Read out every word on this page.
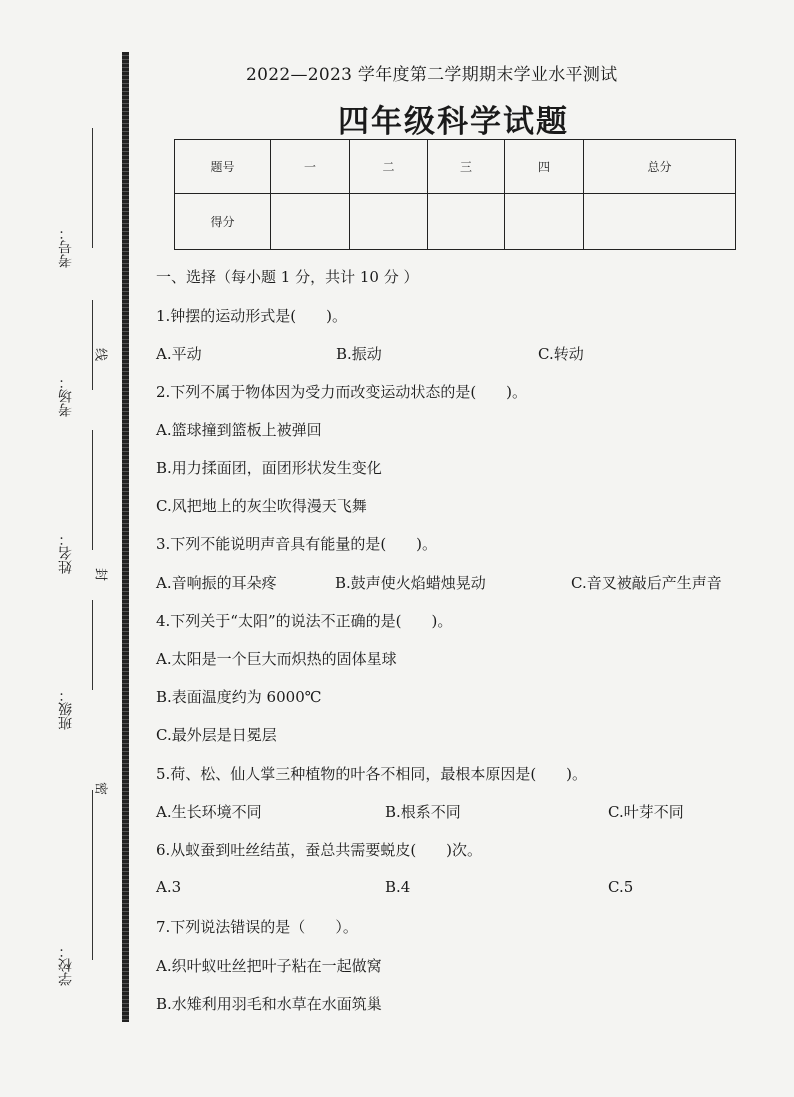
考号：
考场：
线
姓名： 封
班级：
密
学校：
2022—2023 学年度第二学期期末学业水平测试
四年级科学试题
题号	一	二	三	四	总分
得分					
一、选择（每小题 1 分，共计 10 分 ）
1.钟摆的运动形式是(　　)。
A.平动	B.振动	C.转动
2.下列不属于物体因为受力而改变运动状态的是(　　)。
A.篮球撞到篮板上被弹回
B.用力揉面团，面团形状发生变化
C.风把地上的灰尘吹得漫天飞舞
3.下列不能说明声音具有能量的是(　　)。
A.音响振的耳朵疼	B.鼓声使火焰蜡烛晃动	C.音叉被敲后产生声音
4.下列关于“太阳”的说法不正确的是(　　)。
A.太阳是一个巨大而炽热的固体星球
B.表面温度约为 6000℃
C.最外层是日冕层
5.荷、松、仙人掌三种植物的叶各不相同，最根本原因是(　　)。
A.生长环境不同	B.根系不同	C.叶芽不同
6.从蚁蚕到吐丝结茧，蚕总共需要蜕皮(　　)次。
A.3	B.4	C.5
7.下列说法错误的是（　　）。
A.织叶蚁吐丝把叶子粘在一起做窝
B.水雉利用羽毛和水草在水面筑巢
